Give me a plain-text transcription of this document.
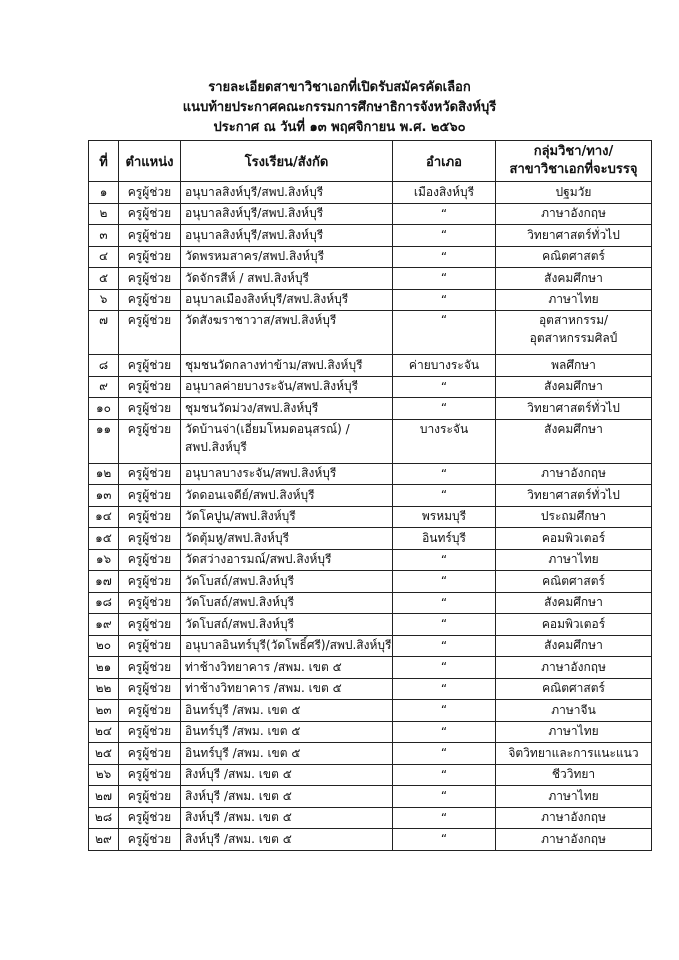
รายละเอียดสาขาวิชาเอกที่เปิดรับสมัครคัดเลือก
แนบท้ายประกาศคณะกรรมการศึกษาธิการจังหวัดสิงห์บุรี
ประกาศ ณ วันที่ ๑๓ พฤศจิกายน พ.ศ. ๒๕๖๐
ที่	ตำแหน่ง	โรงเรียน/สังกัด	อำเภอ	กลุ่มวิชา/ทาง/
สาขาวิชาเอกที่จะบรรจุ

๑	ครูผู้ช่วย	อนุบาลสิงห์บุรี/สพป.สิงห์บุรี	เมืองสิงห์บุรี	ปฐมวัย
๒	ครูผู้ช่วย	อนุบาลสิงห์บุรี/สพป.สิงห์บุรี	“	ภาษาอังกฤษ
๓	ครูผู้ช่วย	อนุบาลสิงห์บุรี/สพป.สิงห์บุรี	“	วิทยาศาสตร์ทั่วไป
๔	ครูผู้ช่วย	วัดพรหมสาคร/สพป.สิงห์บุรี	“	คณิตศาสตร์
๕	ครูผู้ช่วย	วัดจักรสีห์ / สพป.สิงห์บุรี	“	สังคมศึกษา
๖	ครูผู้ช่วย	อนุบาลเมืองสิงห์บุรี/สพป.สิงห์บุรี	“	ภาษาไทย
๗	ครูผู้ช่วย	วัดสังฆราชาวาส/สพป.สิงห์บุรี	“	อุตสาหกรรม/
อุตสาหกรรมศิลป์

๘	ครูผู้ช่วย	ชุมชนวัดกลางท่าข้าม/สพป.สิงห์บุรี	ค่ายบางระจัน	พลศึกษา
๙	ครูผู้ช่วย	อนุบาลค่ายบางระจัน/สพป.สิงห์บุรี	“	สังคมศึกษา
๑๐	ครูผู้ช่วย	ชุมชนวัดม่วง/สพป.สิงห์บุรี	“	วิทยาศาสตร์ทั่วไป
๑๑	ครูผู้ช่วย	วัดบ้านจ่า(เอี่ยมโหมดอนุสรณ์) /
สพป.สิงห์บุรี	บางระจัน	สังคมศึกษา
๑๒	ครูผู้ช่วย	อนุบาลบางระจัน/สพป.สิงห์บุรี	“	ภาษาอังกฤษ
๑๓	ครูผู้ช่วย	วัดดอนเจดีย์/สพป.สิงห์บุรี	“	วิทยาศาสตร์ทั่วไป
๑๔	ครูผู้ช่วย	วัดโคปูน/สพป.สิงห์บุรี	พรหมบุรี	ประถมศึกษา
๑๕	ครูผู้ช่วย	วัดตุ้มหู/สพป.สิงห์บุรี	อินทร์บุรี	คอมพิวเตอร์
๑๖	ครูผู้ช่วย	วัดสว่างอารมณ์/สพป.สิงห์บุรี	“	ภาษาไทย
๑๗	ครูผู้ช่วย	วัดโบสถ์/สพป.สิงห์บุรี	“	คณิตศาสตร์
๑๘	ครูผู้ช่วย	วัดโบสถ์/สพป.สิงห์บุรี	“	สังคมศึกษา
๑๙	ครูผู้ช่วย	วัดโบสถ์/สพป.สิงห์บุรี	“	คอมพิวเตอร์
๒๐	ครูผู้ช่วย	อนุบาลอินทร์บุรี(วัดโพธิ์ศรี)/สพป.สิงห์บุรี	“	สังคมศึกษา
๒๑	ครูผู้ช่วย	ท่าช้างวิทยาคาร /สพม. เขต ๕	“	ภาษาอังกฤษ
๒๒	ครูผู้ช่วย	ท่าช้างวิทยาคาร /สพม. เขต ๕	“	คณิตศาสตร์
๒๓	ครูผู้ช่วย	อินทร์บุรี /สพม. เขต ๕	“	ภาษาจีน
๒๔	ครูผู้ช่วย	อินทร์บุรี /สพม. เขต ๕	“	ภาษาไทย
๒๕	ครูผู้ช่วย	อินทร์บุรี /สพม. เขต ๕	“	จิตวิทยาและการแนะแนว
๒๖	ครูผู้ช่วย	สิงห์บุรี /สพม. เขต ๕	“	ชีววิทยา
๒๗	ครูผู้ช่วย	สิงห์บุรี /สพม. เขต ๕	“	ภาษาไทย
๒๘	ครูผู้ช่วย	สิงห์บุรี /สพม. เขต ๕	“	ภาษาอังกฤษ
๒๙	ครูผู้ช่วย	สิงห์บุรี /สพม. เขต ๕	“	ภาษาอังกฤษ
